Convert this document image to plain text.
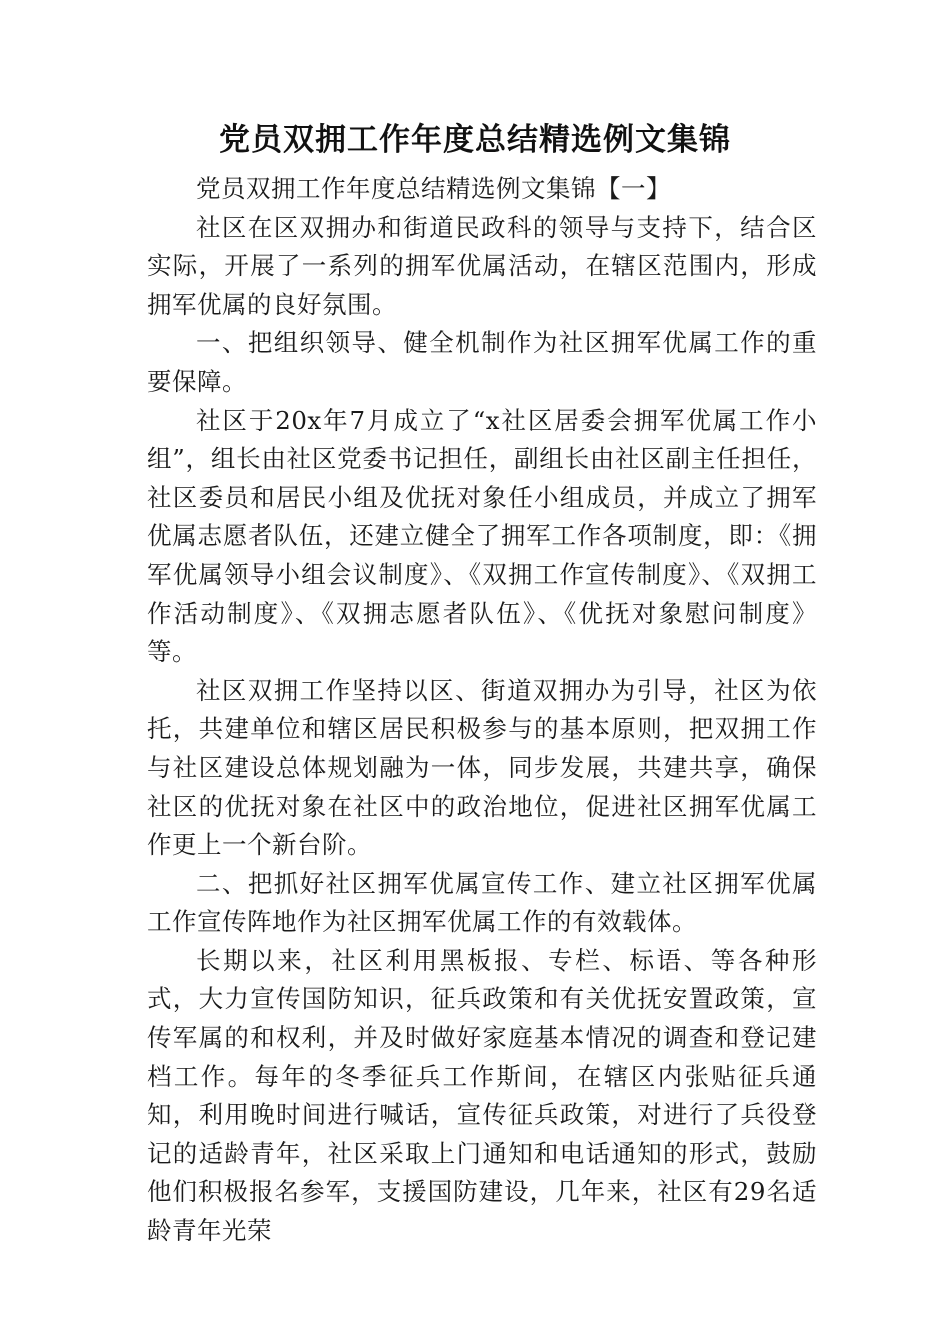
党员双拥工作年度总结精选例文集锦

党员双拥工作年度总结精选例文集锦【一】

社区在区双拥办和街道民政科的领导与支持下，结合区实际，开展了一系列的拥军优属活动，在辖区范围内，形成拥军优属的良好氛围。

一、把组织领导、健全机制作为社区拥军优属工作的重要保障。

社区于20x年7月成立了“x社区居委会拥军优属工作小组”，组长由社区党委书记担任，副组长由社区副主任担任，社区委员和居民小组及优抚对象任小组成员，并成立了拥军优属志愿者队伍，还建立健全了拥军工作各项制度，即：《拥军优属领导小组会议制度》、《双拥工作宣传制度》、《双拥工作活动制度》、《双拥志愿者队伍》、《优抚对象慰问制度》等。

社区双拥工作坚持以区、街道双拥办为引导，社区为依托，共建单位和辖区居民积极参与的基本原则，把双拥工作与社区建设总体规划融为一体，同步发展，共建共享，确保社区的优抚对象在社区中的政治地位，促进社区拥军优属工作更上一个新台阶。

二、把抓好社区拥军优属宣传工作、建立社区拥军优属工作宣传阵地作为社区拥军优属工作的有效载体。

长期以来，社区利用黑板报、专栏、标语、等各种形式，大力宣传国防知识，征兵政策和有关优抚安置政策，宣传军属的和权利，并及时做好家庭基本情况的调查和登记建档工作。每年的冬季征兵工作斯间，在辖区内张贴征兵通知，利用晚时间进行喊话，宣传征兵政策，对进行了兵役登记的适龄青年，社区采取上门通知和电话通知的形式，鼓励他们积极报名参军，支援国防建设，几年来，社区有29名适龄青年光荣
